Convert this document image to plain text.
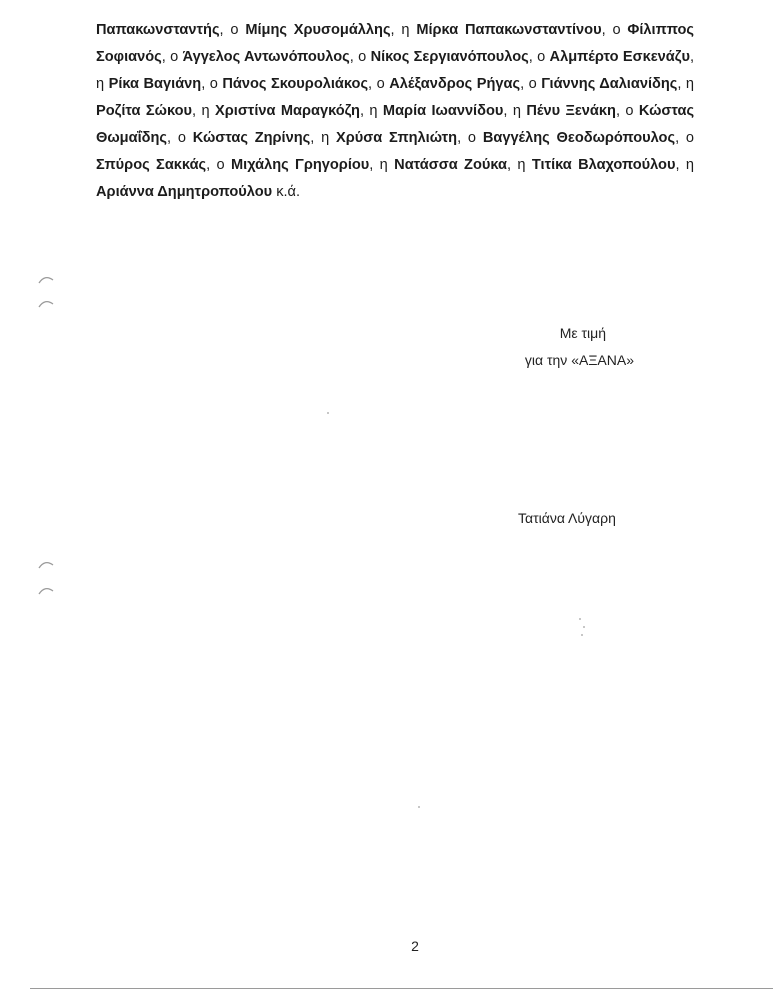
Παπακωνσταντής, ο Μίμης Χρυσομάλλης, η Μίρκα Παπακωνσταντίνου, ο Φίλιππος Σοφιανός, ο Άγγελος Αντωνόπουλος, ο Νίκος Σεργιανόπουλος, ο Αλμπέρτο Εσκενάζυ, η Ρίκα Βαγιάνη, ο Πάνος Σκουρολιάκος, ο Αλέξανδρος Ρήγας, ο Γιάννης Δαλιανίδης, η Ροζίτα Σώκου, η Χριστίνα Μαραγκόζη, η Μαρία Ιωαννίδου, η Πένυ Ξενάκη, ο Κώστας Θωμαΐδης, ο Κώστας Ζηρίνης, η Χρύσα Σπηλιώτη, ο Βαγγέλης Θεοδωρόπουλος, ο Σπύρος Σακκάς, ο Μιχάλης Γρηγορίου, η Νατάσσα Ζούκα, η Τιτίκα Βλαχοπούλου, η Αριάννα Δημητροπούλου κ.ά.

Με τιμή
για την «ΑΞΑΝΑ»
Τατιάνα Λύγαρη
2
